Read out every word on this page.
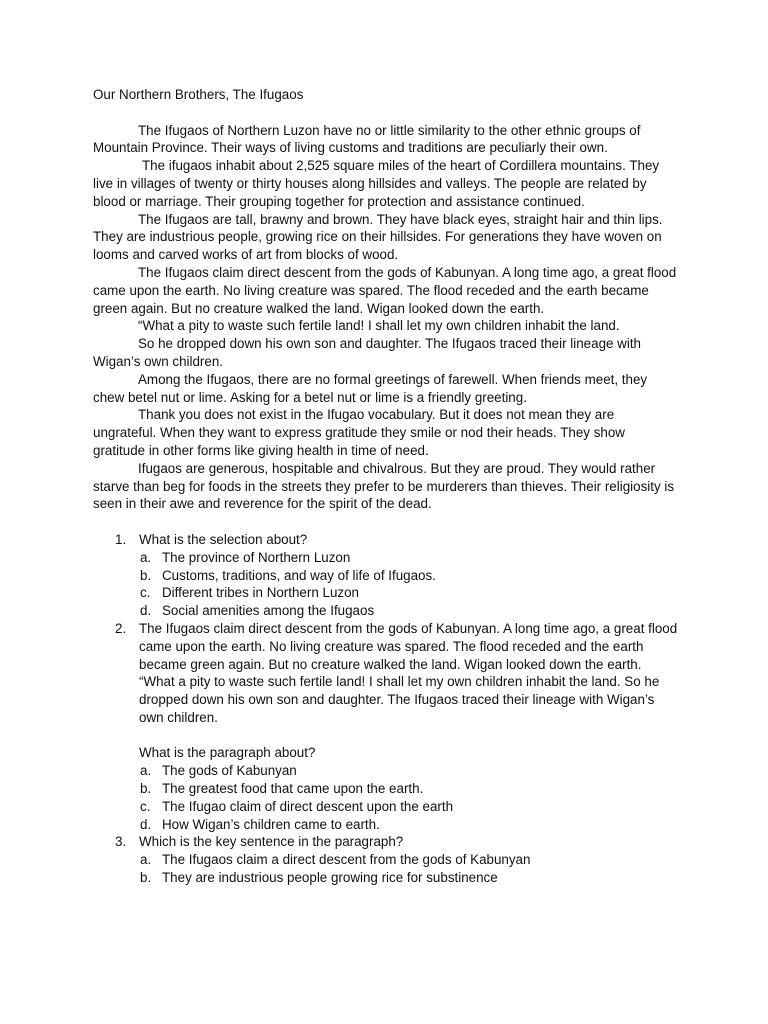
Our Northern Brothers, The Ifugaos

The Ifugaos of Northern Luzon have no or little similarity to the other ethnic groups of Mountain Province. Their ways of living customs and traditions are peculiarly their own.

The ifugaos inhabit about 2,525 square miles of the heart of Cordillera mountains. They live in villages of twenty or thirty houses along hillsides and valleys. The people are related by blood or marriage. Their grouping together for protection and assistance continued.

The Ifugaos are tall, brawny and brown. They have black eyes, straight hair and thin lips. They are industrious people, growing rice on their hillsides. For generations they have woven on looms and carved works of art from blocks of wood.

The Ifugaos claim direct descent from the gods of Kabunyan. A long time ago, a great flood came upon the earth. No living creature was spared. The flood receded and the earth became green again. But no creature walked the land. Wigan looked down the earth.

“What a pity to waste such fertile land! I shall let my own children inhabit the land.

So he dropped down his own son and daughter. The Ifugaos traced their lineage with Wigan’s own children.

Among the Ifugaos, there are no formal greetings of farewell. When friends meet, they chew betel nut or lime. Asking for a betel nut or lime is a friendly greeting.

Thank you does not exist in the Ifugao vocabulary. But it does not mean they are ungrateful. When they want to express gratitude they smile or nod their heads. They show gratitude in other forms like giving health in time of need.

Ifugaos are generous, hospitable and chivalrous. But they are proud. They would rather starve than beg for foods in the streets they prefer to be murderers than thieves. Their religiosity is seen in their awe and reverence for the spirit of the dead.

1. What is the selection about?

a. The province of Northern Luzon

b. Customs, traditions, and way of life of Ifugaos.

c. Different tribes in Northern Luzon

d. Social amenities among the Ifugaos

2. The Ifugaos claim direct descent from the gods of Kabunyan. A long time ago, a great flood came upon the earth. No living creature was spared. The flood receded and the earth became green again. But no creature walked the land. Wigan looked down the earth.

“What a pity to waste such fertile land! I shall let my own children inhabit the land. So he dropped down his own son and daughter. The Ifugaos traced their lineage with Wigan’s own children.

What is the paragraph about?

a. The gods of Kabunyan

b. The greatest food that came upon the earth.

c. The Ifugao claim of direct descent upon the earth

d. How Wigan’s children came to earth.

3. Which is the key sentence in the paragraph?

a. The Ifugaos claim a direct descent from the gods of Kabunyan

b. They are industrious people growing rice for substinence
